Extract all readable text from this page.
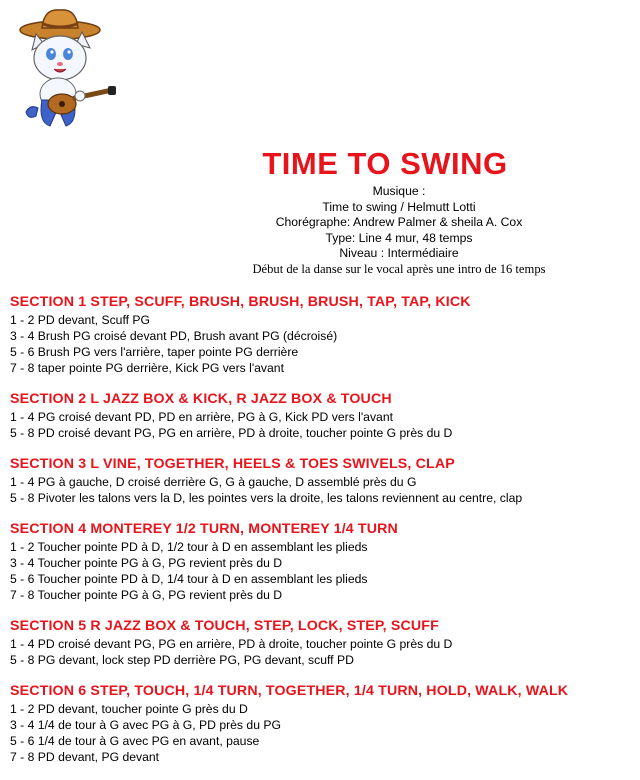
TIME TO SWING
Musique :
Time to swing / Helmutt Lotti
Chorégraphe: Andrew Palmer & sheila A. Cox
Type: Line 4 mur, 48 temps
Niveau : Intermédiaire
Début de la danse sur le vocal après une intro de 16 temps
SECTION 1 STEP, SCUFF, BRUSH, BRUSH, BRUSH, TAP, TAP, KICK
1 - 2 PD devant, Scuff PG
3 - 4 Brush PG croisé devant PD, Brush avant PG (décroisé)
5 - 6 Brush PG vers l'arrière, taper pointe PG derrière
7 - 8 taper pointe PG derrière, Kick PG vers l'avant
SECTION 2 L JAZZ BOX & KICK, R JAZZ BOX & TOUCH
1 - 4 PG croisé devant PD, PD en arrière, PG à G, Kick PD vers l'avant
5 - 8 PD croisé devant PG, PG en arrière, PD à droite, toucher pointe G près du D
SECTION 3 L VINE, TOGETHER, HEELS & TOES SWIVELS, CLAP
1 - 4 PG à gauche, D croisé derrière G, G à gauche, D assemblé près du G
5 - 8 Pivoter les talons vers la D, les pointes vers la droite, les talons reviennent au centre, clap
SECTION 4 MONTEREY 1/2 TURN, MONTEREY 1/4 TURN
1 - 2 Toucher pointe PD à D, 1/2 tour à D en assemblant les plieds
3 - 4 Toucher pointe PG à G, PG revient près du D
5 - 6 Toucher pointe PD à D, 1/4 tour à D en assemblant les plieds
7 - 8 Toucher pointe PG à G, PG revient près du D
SECTION 5 R JAZZ BOX & TOUCH, STEP, LOCK, STEP, SCUFF
1 - 4 PD croisé devant PG, PG en arrière, PD à droite, toucher pointe G près du D
5 - 8 PG devant, lock step PD derrière PG, PG devant, scuff PD
SECTION 6 STEP, TOUCH, 1/4 TURN, TOGETHER, 1/4 TURN, HOLD, WALK, WALK
1 - 2 PD devant, toucher pointe G près du D
3 - 4 1/4 de tour à G avec PG à G, PD près du PG
5 - 6 1/4 de tour à G avec PG en avant, pause
7 - 8 PD devant, PG devant
